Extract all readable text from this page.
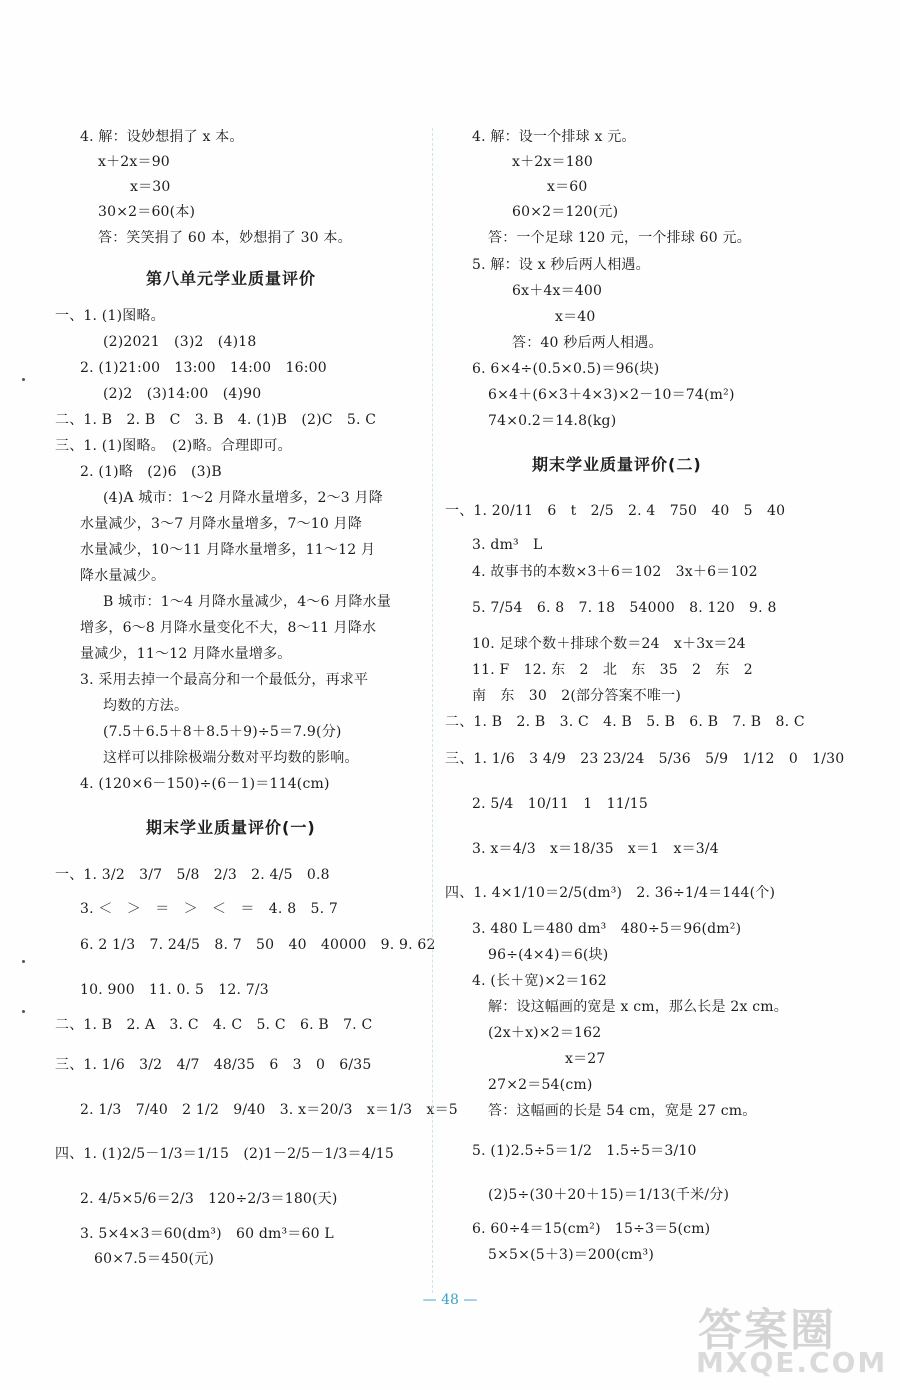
4. 解：设妙想捐了 x 本。
x＋2x＝90
x＝30
30×2＝60(本)
答：笑笑捐了 60 本，妙想捐了 30 本。
第八单元学业质量评价
一、1. (1)图略。
(2)2021　(3)2　(4)18
2. (1)21:00　13:00　14:00　16:00
(2)2　(3)14:00　(4)90
二、1. B　2. B　C　3. B　4. (1)B　(2)C　5. C
三、1. (1)图略。　(2)略。合理即可。
2. (1)略　(2)6　(3)B
(4)A 城市：1～2 月降水量增多，2～3 月降
水量减少，3～7 月降水量增多，7～10 月降
水量减少，10～11 月降水量增多，11～12 月
降水量减少。
B 城市：1～4 月降水量减少，4～6 月降水量
增多，6～8 月降水量变化不大，8～11 月降水
量减少，11～12 月降水量增多。
3. 采用去掉一个最高分和一个最低分，再求平
均数的方法。
(7.5＋6.5＋8＋8.5＋9)÷5＝7.9(分)
这样可以排除极端分数对平均数的影响。
4. (120×6－150)÷(6－1)＝114(cm)
期末学业质量评价(一)
一、1. 3/2　3/7　5/8　2/3　2. 4/5　0.8
3. ＜　＞　＝　＞　＜　＝　4. 8　5. 7
6. 2 1/3　7. 24/5　8. 7　50　40　40000　9. 9. 62
10. 900　11. 0. 5　12. 7/3
二、1. B　2. A　3. C　4. C　5. C　6. B　7. C
三、1. 1/6　3/2　4/7　48/35　6　3　0　6/35
2. 1/3　7/40　2 1/2　9/40　3. x＝20/3　x＝1/3　x＝5
四、1. (1)2/5－1/3＝1/15　(2)1－2/5－1/3＝4/15
2. 4/5×5/6＝2/3　120÷2/3＝180(天)
3. 5×4×3＝60(dm³)　60 dm³＝60 L
60×7.5＝450(元)
4. 解：设一个排球 x 元。
x＋2x＝180
x＝60
60×2＝120(元)
答：一个足球 120 元，一个排球 60 元。
5. 解：设 x 秒后两人相遇。
6x＋4x＝400
x＝40
答：40 秒后两人相遇。
6. 6×4÷(0.5×0.5)＝96(块)
6×4＋(6×3＋4×3)×2－10＝74(m²)
74×0.2＝14.8(kg)
期末学业质量评价(二)
一、1. 20/11　6　t　2/5　2. 4　750　40　5　40
3. dm³　L
4. 故事书的本数×3＋6＝102　3x＋6＝102
5. 7/54　6. 8　7. 18　54000　8. 120　9. 8
10. 足球个数＋排球个数＝24　x＋3x＝24
11. F　12. 东　2　北　东　35　2　东　2
南　东　30　2(部分答案不唯一)
二、1. B　2. B　3. C　4. B　5. B　6. B　7. B　8. C
三、1. 1/6　3 4/9　23 23/24　5/36　5/9　1/12　0　1/30
2. 5/4　10/11　1　11/15
3. x＝4/3　x＝18/35　x＝1　x＝3/4
四、1. 4×1/10＝2/5(dm³)　2. 36÷1/4＝144(个)
3. 480 L＝480 dm³　480÷5＝96(dm²)
96÷(4×4)＝6(块)
4. (长＋宽)×2＝162
解：设这幅画的宽是 x cm，那么长是 2x cm。
(2x＋x)×2＝162
x＝27
27×2＝54(cm)
答：这幅画的长是 54 cm，宽是 27 cm。
5. (1)2.5÷5＝1/2　1.5÷5＝3/10
(2)5÷(30＋20＋15)＝1/13(千米/分)
6. 60÷4＝15(cm²)　15÷3＝5(cm)
5×5×(5＋3)＝200(cm³)
— 48 —
答案圈
MXQE.COM
